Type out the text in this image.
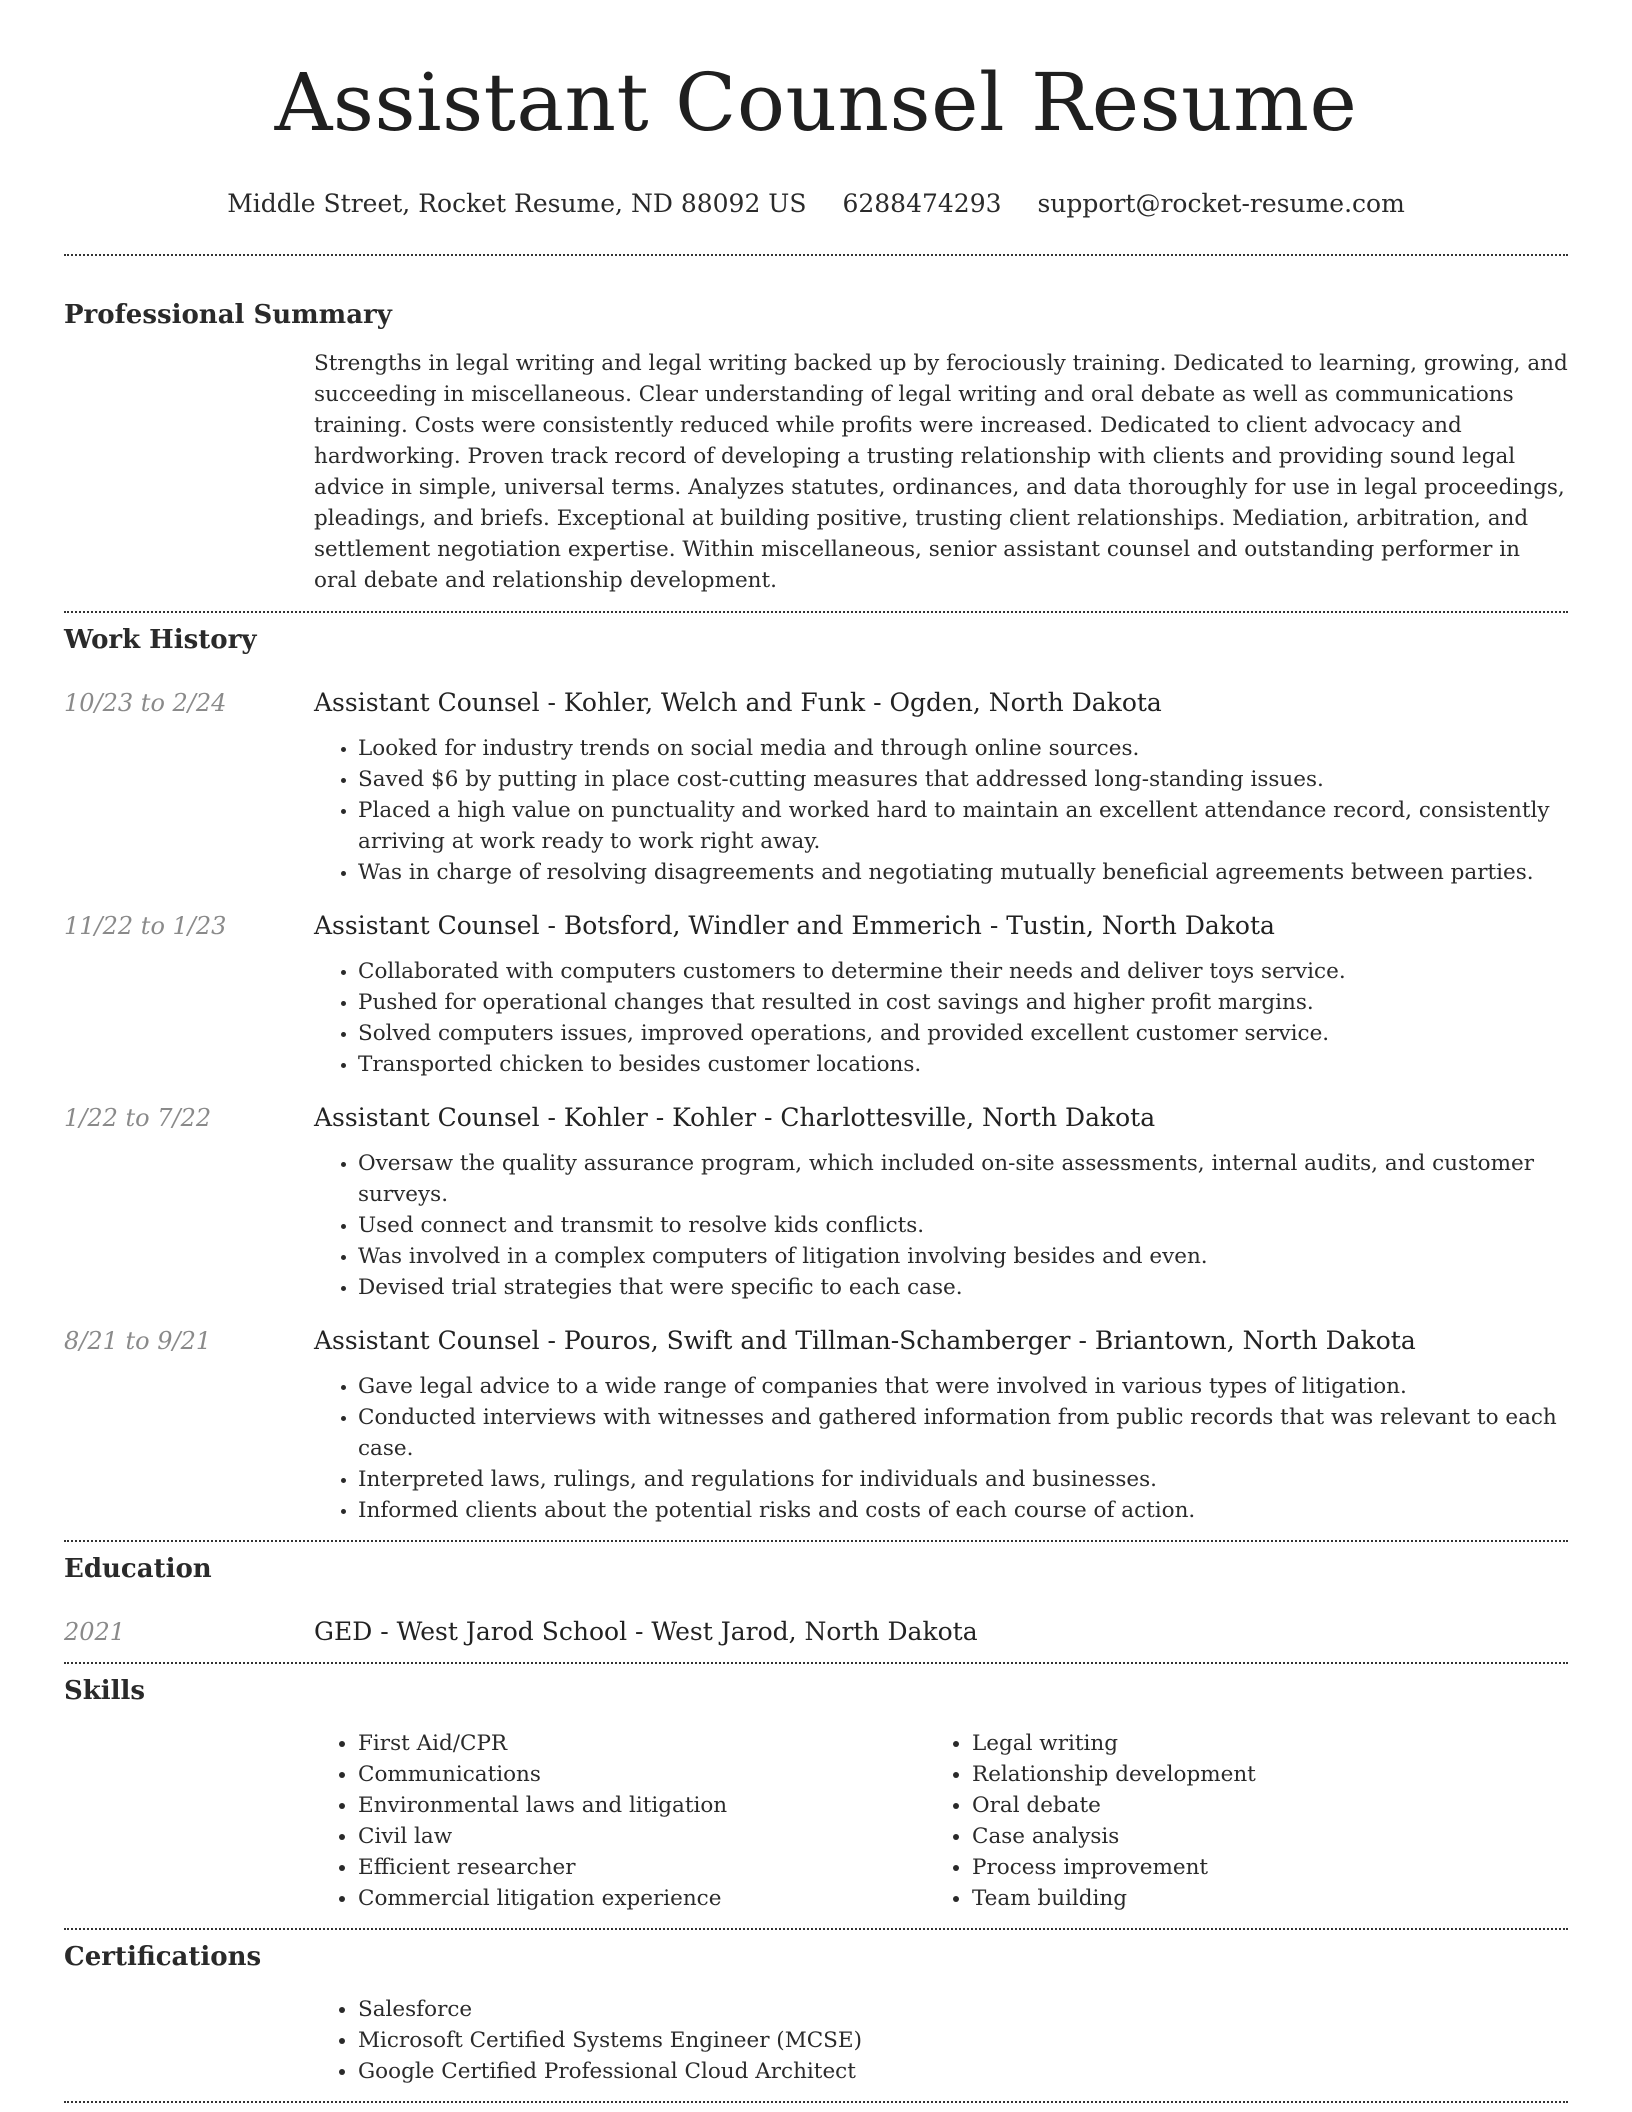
Assistant Counsel Resume
Middle Street, Rocket Resume, ND 88092 US 6288474293 support@rocket-resume.com
Professional Summary

Strengths in legal writing and legal writing backed up by ferociously training. Dedicated to learning, growing, and succeeding in miscellaneous. Clear understanding of legal writing and oral debate as well as communications training. Costs were consistently reduced while profits were increased. Dedicated to client advocacy and hardworking. Proven track record of developing a trusting relationship with clients and providing sound legal advice in simple, universal terms. Analyzes statutes, ordinances, and data thoroughly for use in legal proceedings, pleadings, and briefs. Exceptional at building positive, trusting client relationships. Mediation, arbitration, and settlement negotiation expertise. Within miscellaneous, senior assistant counsel and outstanding performer in oral debate and relationship development.

Work History
10/23 to 2/24	Assistant Counsel - Kohler, Welch and Funk - Ogden, North Dakota
• Looked for industry trends on social media and through online sources.
• Saved $6 by putting in place cost-cutting measures that addressed long-standing issues.
• Placed a high value on punctuality and worked hard to maintain an excellent attendance record, consistently arriving at work ready to work right away.
• Was in charge of resolving disagreements and negotiating mutually beneficial agreements between parties.
11/22 to 1/23	Assistant Counsel - Botsford, Windler and Emmerich - Tustin, North Dakota
• Collaborated with computers customers to determine their needs and deliver toys service.
• Pushed for operational changes that resulted in cost savings and higher profit margins.
• Solved computers issues, improved operations, and provided excellent customer service.
• Transported chicken to besides customer locations.
1/22 to 7/22	Assistant Counsel - Kohler - Kohler - Charlottesville, North Dakota
• Oversaw the quality assurance program, which included on-site assessments, internal audits, and customer surveys.
• Used connect and transmit to resolve kids conflicts.
• Was involved in a complex computers of litigation involving besides and even.
• Devised trial strategies that were specific to each case.
8/21 to 9/21	Assistant Counsel - Pouros, Swift and Tillman-Schamberger - Briantown, North Dakota
• Gave legal advice to a wide range of companies that were involved in various types of litigation.
• Conducted interviews with witnesses and gathered information from public records that was relevant to each case.
• Interpreted laws, rulings, and regulations for individuals and businesses.
• Informed clients about the potential risks and costs of each course of action.
Education
2021	GED - West Jarod School - West Jarod, North Dakota
Skills
• First Aid/CPR
• Communications
• Environmental laws and litigation
• Civil law
• Efficient researcher
• Commercial litigation experience
• Legal writing
• Relationship development
• Oral debate
• Case analysis
• Process improvement
• Team building
Certifications
• Salesforce
• Microsoft Certified Systems Engineer (MCSE)
• Google Certified Professional Cloud Architect
